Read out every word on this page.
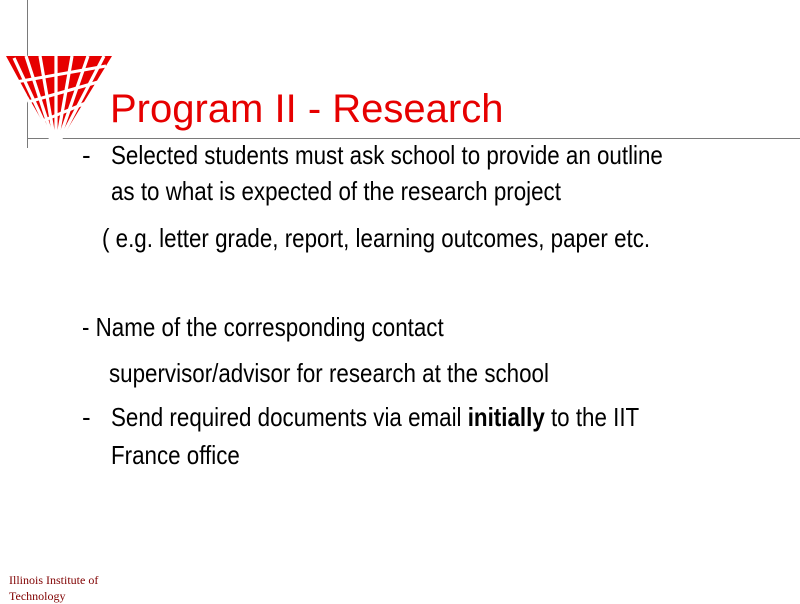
Program II - Research
- Selected students must ask school to provide an outline
as to what is expected of the research project
( e.g. letter grade, report, learning outcomes, paper etc.
- Name of the corresponding contact
supervisor/advisor for research at the school
- Send required documents via email initially to the IIT
France office
Illinois Institute of Technology
